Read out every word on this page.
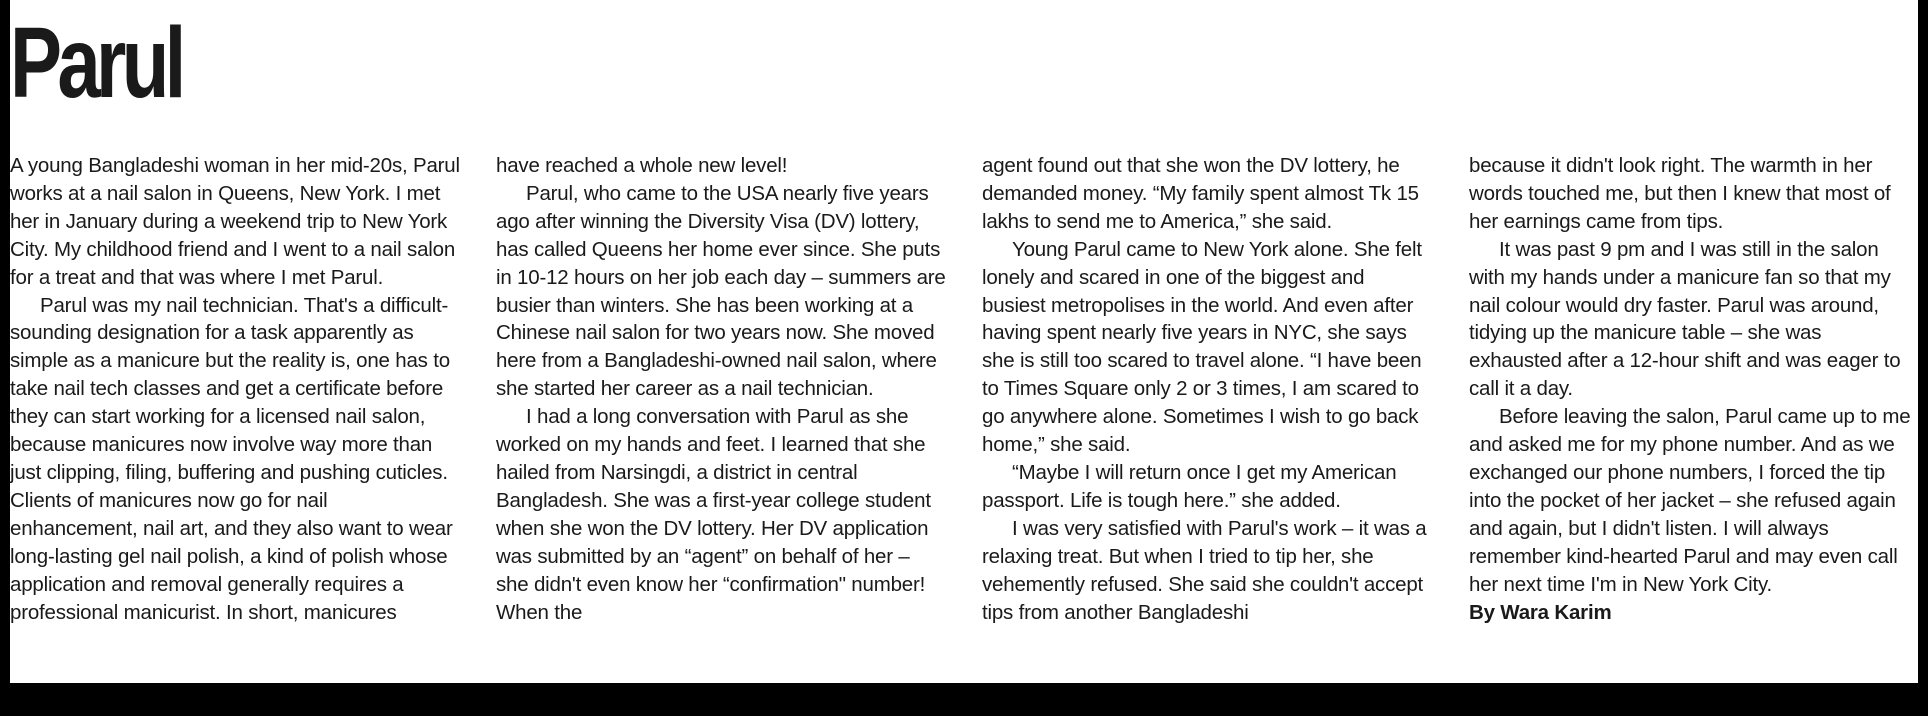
Parul

A young Bangladeshi woman in her mid-20s, Parul works at a nail salon in Queens, New York. I met her in January during a weekend trip to New York City. My childhood friend and I went to a nail salon for a treat and that was where I met Parul.

Parul was my nail technician. That's a difficult-sounding designation for a task apparently as simple as a manicure but the reality is, one has to take nail tech classes and get a certificate before they can start working for a licensed nail salon, because manicures now involve way more than just clipping, filing, buffering and pushing cuticles. Clients of manicures now go for nail enhancement, nail art, and they also want to wear long-lasting gel nail polish, a kind of polish whose application and removal generally requires a professional manicurist. In short, manicures

have reached a whole new level!

Parul, who came to the USA nearly five years ago after winning the Diversity Visa (DV) lottery, has called Queens her home ever since. She puts in 10-12 hours on her job each day – summers are busier than winters. She has been working at a Chinese nail salon for two years now. She moved here from a Bangladeshi-owned nail salon, where she started her career as a nail technician.

I had a long conversation with Parul as she worked on my hands and feet. I learned that she hailed from Narsingdi, a district in central Bangladesh. She was a first-year college student when she won the DV lottery. Her DV application was submitted by an “agent” on behalf of her – she didn't even know her “confirmation" number! When the

agent found out that she won the DV lottery, he demanded money. “My family spent almost Tk 15 lakhs to send me to America,” she said.

Young Parul came to New York alone. She felt lonely and scared in one of the biggest and busiest metropolises in the world. And even after having spent nearly five years in NYC, she says she is still too scared to travel alone. “I have been to Times Square only 2 or 3 times, I am scared to go anywhere alone. Sometimes I wish to go back home,” she said.

“Maybe I will return once I get my American passport. Life is tough here.” she added.

I was very satisfied with Parul's work – it was a relaxing treat. But when I tried to tip her, she vehemently refused. She said she couldn't accept tips from another Bangladeshi

because it didn't look right. The warmth in her words touched me, but then I knew that most of her earnings came from tips.

It was past 9 pm and I was still in the salon with my hands under a manicure fan so that my nail colour would dry faster. Parul was around, tidying up the manicure table – she was exhausted after a 12-hour shift and was eager to call it a day.

Before leaving the salon, Parul came up to me and asked me for my phone number. And as we exchanged our phone numbers, I forced the tip into the pocket of her jacket – she refused again and again, but I didn't listen. I will always remember kind-hearted Parul and may even call her next time I'm in New York City.

By Wara Karim
